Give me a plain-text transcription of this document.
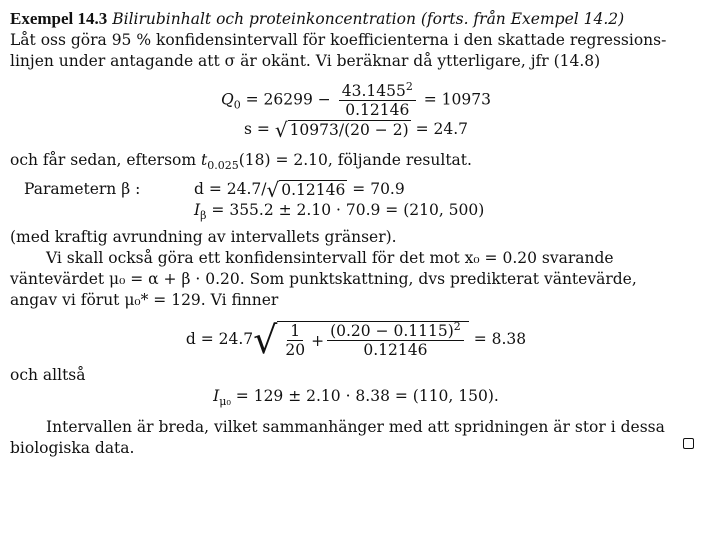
Exempel 14.3 Bilirubinhalt och proteinkoncentration (forts. från Exempel 14.2)
Låt oss göra 95 % konfidensintervall för koefficienterna i den skattade regressions-
linjen under antagande att σ är okänt. Vi beräknar då ytterligare, jfr (14.8)
$Q_0 = 26299 - \frac{43.1455^2}{0.12146} = 10973$
s = √ 10973/(20 − 2) = 24.7
och får sedan, eftersom $t_{0.025}(18) = 2.10$, följande resultat.
Parametern β :	d = 24.7/ √ 0.12146 = 70.9
$I_\beta = 355.2 \pm 2.10 \cdot 70.9 = (210$, 500)
(med kraftig avrundning av intervallets gränser).
Vi skall också göra ett konfidensintervall för det mot x₀ = 0.20 svarande
väntevärdet μ₀ = α + β · 0.20. Som punktskattning, dvs predikterat väntevärde,
angav vi förut μ₀* = 129. Vi finner
d = 24.7 √ $\frac{1}{20} + \frac{(0.20 - 0.1115)^2}{0.12146} = 8.38$
och alltså
$I_{\mu_0} = 129 \pm 2.10 \cdot 8.38 = (110$, 150).
Intervallen är breda, vilket sammanhänger med att spridningen är stor i dessa
biologiska data.
